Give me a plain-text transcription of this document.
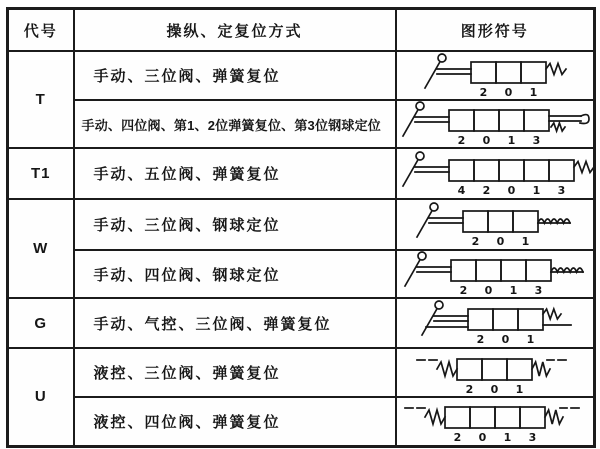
代号	操纵、定复位方式	图形符号
T	手动、三位阀、弹簧复位	2 0 1

	手动、四位阀、第1、2位弹簧复位、第3位钢球定位	2 0 1 3

T1	手动、五位阀、弹簧复位	4 2 0 1 3

W	手动、三位阀、钢球定位	2 0 1

	手动、四位阀、钢球定位	2 0 1 3

G	手动、气控、三位阀、弹簧复位	2 0 1

U	液控、三位阀、弹簧复位	2 0 1

	液控、四位阀、弹簧复位	2 0 1 3
